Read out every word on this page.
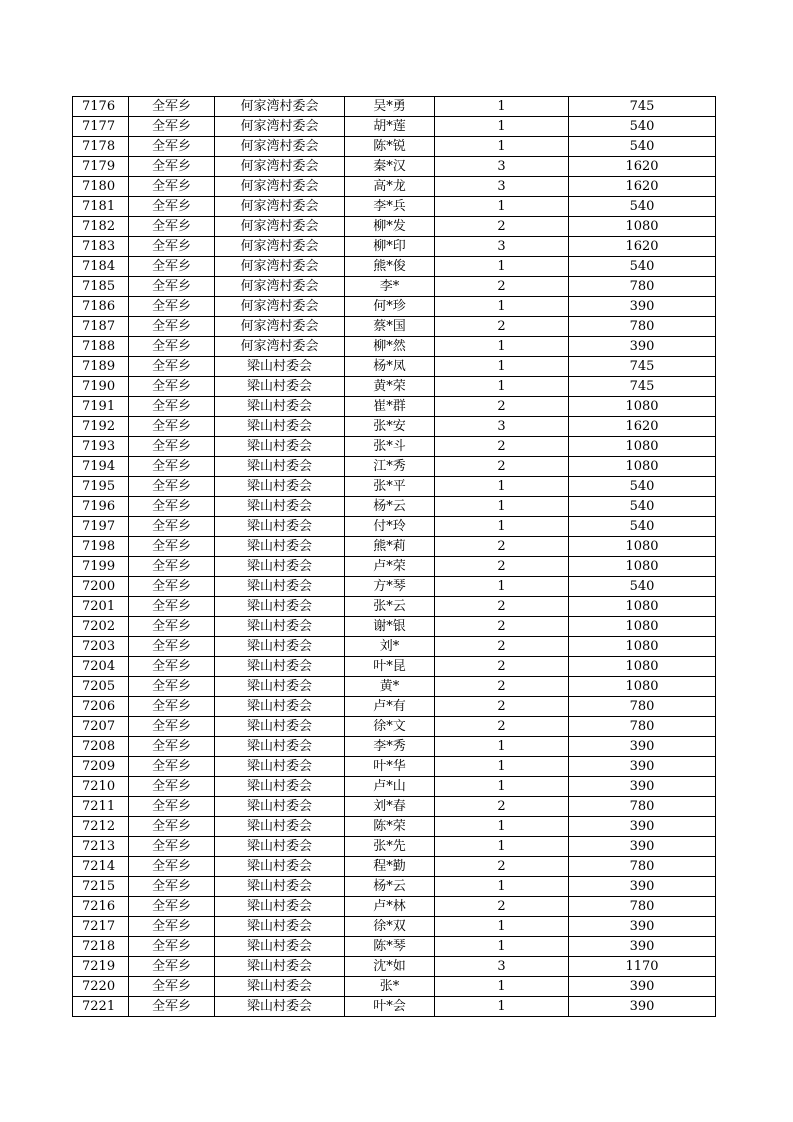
7176	全军乡	何家湾村委会	吴*勇	1	745
7177	全军乡	何家湾村委会	胡*莲	1	540
7178	全军乡	何家湾村委会	陈*锐	1	540
7179	全军乡	何家湾村委会	秦*汉	3	1620
7180	全军乡	何家湾村委会	高*龙	3	1620
7181	全军乡	何家湾村委会	李*兵	1	540
7182	全军乡	何家湾村委会	柳*发	2	1080
7183	全军乡	何家湾村委会	柳*印	3	1620
7184	全军乡	何家湾村委会	熊*俊	1	540
7185	全军乡	何家湾村委会	李*	2	780
7186	全军乡	何家湾村委会	何*珍	1	390
7187	全军乡	何家湾村委会	蔡*国	2	780
7188	全军乡	何家湾村委会	柳*然	1	390
7189	全军乡	梁山村委会	杨*凤	1	745
7190	全军乡	梁山村委会	黄*荣	1	745
7191	全军乡	梁山村委会	崔*群	2	1080
7192	全军乡	梁山村委会	张*安	3	1620
7193	全军乡	梁山村委会	张*斗	2	1080
7194	全军乡	梁山村委会	江*秀	2	1080
7195	全军乡	梁山村委会	张*平	1	540
7196	全军乡	梁山村委会	杨*云	1	540
7197	全军乡	梁山村委会	付*玲	1	540
7198	全军乡	梁山村委会	熊*莉	2	1080
7199	全军乡	梁山村委会	卢*荣	2	1080
7200	全军乡	梁山村委会	方*琴	1	540
7201	全军乡	梁山村委会	张*云	2	1080
7202	全军乡	梁山村委会	谢*银	2	1080
7203	全军乡	梁山村委会	刘*	2	1080
7204	全军乡	梁山村委会	叶*昆	2	1080
7205	全军乡	梁山村委会	黄*	2	1080
7206	全军乡	梁山村委会	卢*有	2	780
7207	全军乡	梁山村委会	徐*文	2	780
7208	全军乡	梁山村委会	李*秀	1	390
7209	全军乡	梁山村委会	叶*华	1	390
7210	全军乡	梁山村委会	卢*山	1	390
7211	全军乡	梁山村委会	刘*春	2	780
7212	全军乡	梁山村委会	陈*荣	1	390
7213	全军乡	梁山村委会	张*先	1	390
7214	全军乡	梁山村委会	程*勤	2	780
7215	全军乡	梁山村委会	杨*云	1	390
7216	全军乡	梁山村委会	卢*林	2	780
7217	全军乡	梁山村委会	徐*双	1	390
7218	全军乡	梁山村委会	陈*琴	1	390
7219	全军乡	梁山村委会	沈*如	3	1170
7220	全军乡	梁山村委会	张*	1	390
7221	全军乡	梁山村委会	叶*会	1	390
